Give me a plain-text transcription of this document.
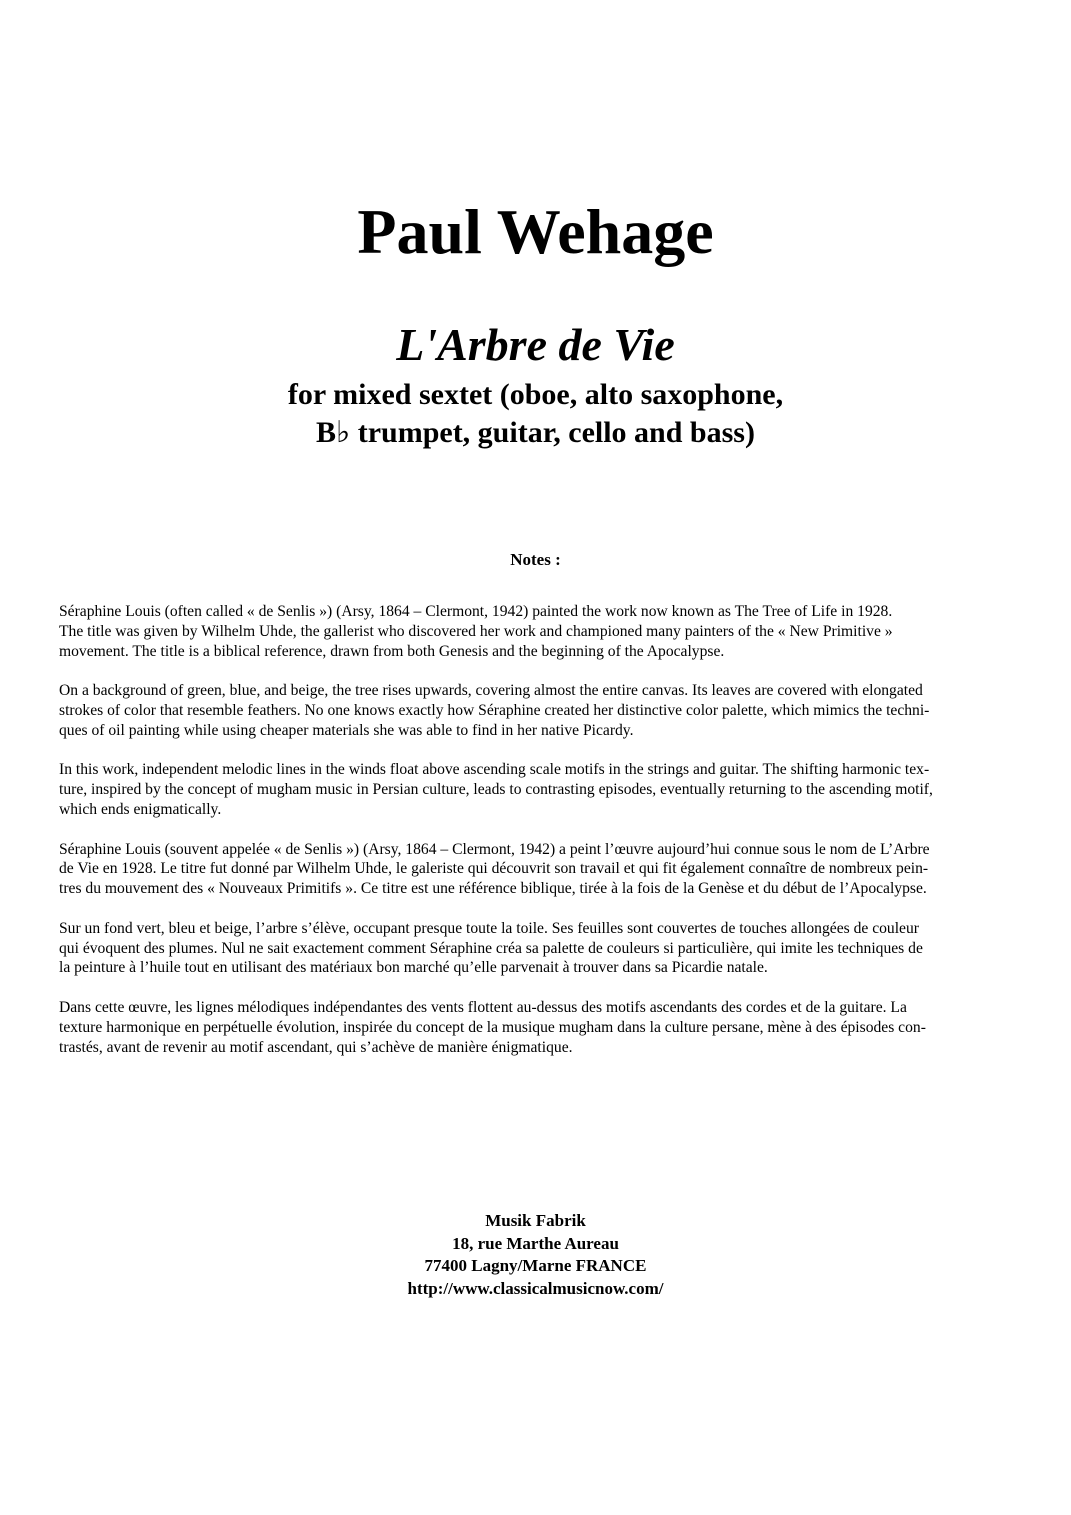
Paul Wehage
L'Arbre de Vie
for mixed sextet (oboe, alto saxophone,
B♭ trumpet, guitar, cello and bass)
Notes :

Séraphine Louis (often called « de Senlis ») (Arsy, 1864 – Clermont, 1942) painted the work now known as The Tree of Life in 1928.
The title was given by Wilhelm Uhde, the gallerist who discovered her work and championed many painters of the « New Primitive »
movement. The title is a biblical reference, drawn from both Genesis and the beginning of the Apocalypse.

On a background of green, blue, and beige, the tree rises upwards, covering almost the entire canvas. Its leaves are covered with elongated
strokes of color that resemble feathers. No one knows exactly how Séraphine created her distinctive color palette, which mimics the techni-
ques of oil painting while using cheaper materials she was able to find in her native Picardy.

In this work, independent melodic lines in the winds float above ascending scale motifs in the strings and guitar. The shifting harmonic tex-
ture, inspired by the concept of mugham music in Persian culture, leads to contrasting episodes, eventually returning to the ascending motif,
which ends enigmatically.

Séraphine Louis (souvent appelée « de Senlis ») (Arsy, 1864 – Clermont, 1942) a peint l’œuvre aujourd’hui connue sous le nom de L’Arbre
de Vie en 1928. Le titre fut donné par Wilhelm Uhde, le galeriste qui découvrit son travail et qui fit également connaître de nombreux pein-
tres du mouvement des « Nouveaux Primitifs ». Ce titre est une référence biblique, tirée à la fois de la Genèse et du début de l’Apocalypse.

Sur un fond vert, bleu et beige, l’arbre s’élève, occupant presque toute la toile. Ses feuilles sont couvertes de touches allongées de couleur
qui évoquent des plumes. Nul ne sait exactement comment Séraphine créa sa palette de couleurs si particulière, qui imite les techniques de
la peinture à l’huile tout en utilisant des matériaux bon marché qu’elle parvenait à trouver dans sa Picardie natale.

Dans cette œuvre, les lignes mélodiques indépendantes des vents flottent au-dessus des motifs ascendants des cordes et de la guitare. La
texture harmonique en perpétuelle évolution, inspirée du concept de la musique mugham dans la culture persane, mène à des épisodes con-
trastés, avant de revenir au motif ascendant, qui s’achève de manière énigmatique.

Musik Fabrik
18, rue Marthe Aureau
77400 Lagny/Marne FRANCE
http://www.classicalmusicnow.com/
